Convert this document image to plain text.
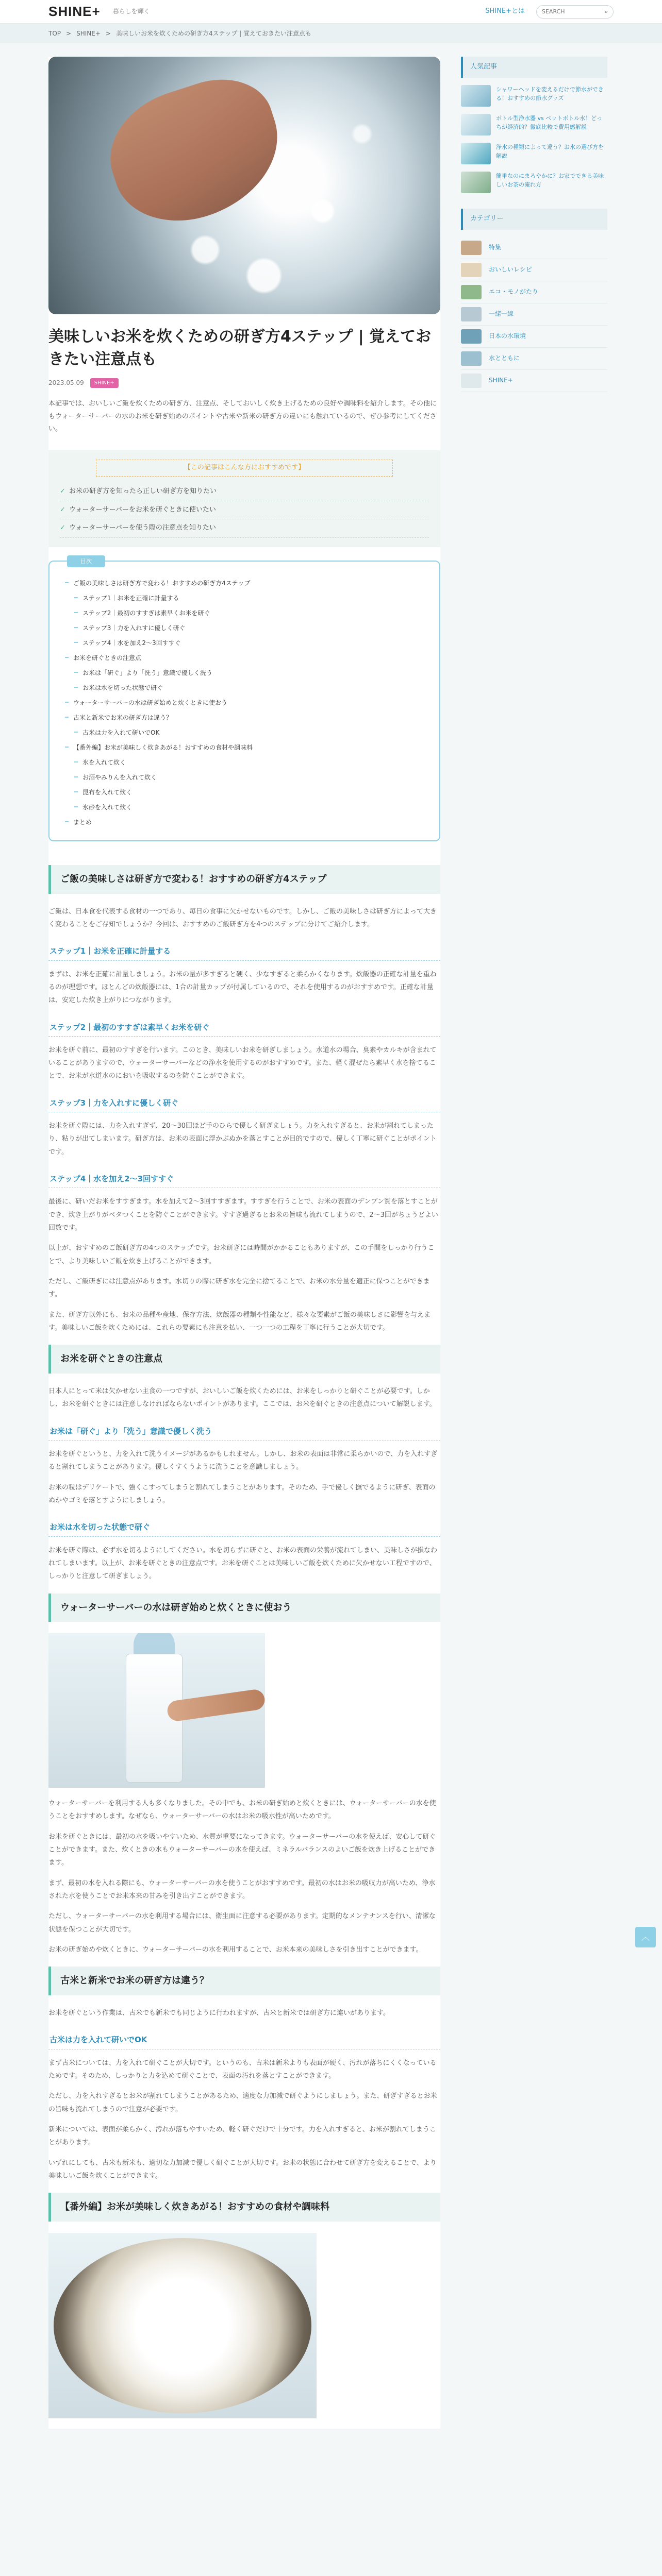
SHINE+ 暮らしを輝く	SHINE+とは
SEARCH	⌕
TOP > SHINE+ > 美味しいお米を炊くための研ぎ方4ステップ | 覚えておきたい注意点も
美味しいお米を炊くための研ぎ方4ステップ | 覚えておきたい注意点も
2023.05.09	SHINE+

本記事では、おいしいご飯を炊くための研ぎ方、注意点、そしておいしく炊き上げるための良好や調味料を紹介します。その他にもウォーターサーバーの水のお米を研ぎ始めのポイントや古米や新米の研ぎ方の違いにも触れているので、ぜひ参考にしてください。

【この記事はこんな方におすすめです】
✓ お米の研ぎ方を知ったら正しい研ぎ方を知りたい
✓ ウォーターサーバーをお米を研ぐときに使いたい
✓ ウォーターサーバーを使う際の注意点を知りたい
目次
ご飯の美味しさは研ぎ方で変わる！おすすめの研ぎ方4ステップ
ステップ1｜お米を正確に計量する
ステップ2｜最初のすすぎは素早くお米を研ぐ
ステップ3｜力を入れすに優しく研ぐ
ステップ4｜水を加え2〜3回すすぐ
お米を研ぐときの注意点
お米は「研ぐ」より「洗う」意識で優しく洗う
お米は水を切った状態で研ぐ
ウォーターサーバーの水は研ぎ始めと炊くときに使おう
古米と新米でお米の研ぎ方は違う？
古米は力を入れて研いでOK
【番外編】お米が美味しく炊きあがる！おすすめの食材や調味料
氷を入れて炊く
お酒やみりんを入れて炊く
昆布を入れて炊く
氷砂を入れて炊く
まとめ
ご飯の美味しさは研ぎ方で変わる！おすすめの研ぎ方4ステップ

ご飯は、日本食を代表する食材の一つであり、毎日の食事に欠かせないものです。しかし、ご飯の美味しさは研ぎ方によって大きく変わることをご存知でしょうか？今回は、おすすめのご飯研ぎ方を4つのステップに分けてご紹介します。

ステップ1｜お米を正確に計量する

まずは、お米を正確に計量しましょう。お米の量が多すぎると硬く、少なすぎると柔らかくなります。炊飯器の正確な計量を重ねるのが理想です。ほとんどの炊飯器には、1合の計量カップが付属しているので、それを使用するのがおすすめです。正確な計量は、安定した炊き上がりにつながります。

ステップ2｜最初のすすぎは素早くお米を研ぐ

お米を研ぐ前に、最初のすすぎを行います。このとき、美味しいお米を研ぎしましょう。水道水の場合、臭素やカルキが含まれていることがありますので、ウォーターサーバーなどの浄水を使用するのがおすすめです。また、軽く混ぜたら素早く水を捨てることで、お米が水道水のにおいを吸収するのを防ぐことができます。

ステップ3｜力を入れすに優しく研ぐ

お米を研ぐ際には、力を入れすぎず、20〜30回ほど手のひらで優しく研ぎましょう。力を入れすぎると、お米が割れてしまったり、粘りが出てしまいます。研ぎ方は、お米の表面に浮かぶぬかを落とすことが目的ですので、優しく丁寧に研ぐことがポイントです。

ステップ4｜水を加え2〜3回すすぐ

最後に、研いだお米をすすぎます。水を加えて2〜3回すすぎます。すすぎを行うことで、お米の表面のデンプン質を落とすことができ、炊き上がりがベタつくことを防ぐことができます。すすぎ過ぎるとお米の旨味も流れてしまうので、2〜3回がちょうどよい回数です。

以上が、おすすめのご飯研ぎ方の4つのステップです。お米研ぎには時間がかかることもありますが、この手間をしっかり行うことで、より美味しいご飯を炊き上げることができます。

ただし、ご飯研ぎには注意点があります。水切りの際に研ぎ水を完全に捨てることで、お米の水分量を適正に保つことができます。

また、研ぎ方以外にも、お米の品種や産地、保存方法、炊飯器の種類や性能など、様々な要素がご飯の美味しさに影響を与えます。美味しいご飯を炊くためには、これらの要素にも注意を払い、一つ一つの工程を丁寧に行うことが大切です。

お米を研ぐときの注意点

日本人にとって米は欠かせない主食の一つですが、おいしいご飯を炊くためには、お米をしっかりと研ぐことが必要です。しかし、お米を研ぐときには注意しなければならないポイントがあります。ここでは、お米を研ぐときの注意点について解説します。

お米は「研ぐ」より「洗う」意識で優しく洗う

お米を研ぐというと、力を入れて洗うイメージがあるかもしれません。しかし、お米の表面は非常に柔らかいので、力を入れすぎると割れてしまうことがあります。優しくすくうように洗うことを意識しましょう。

お米の粒はデリケートで、強くこすってしまうと割れてしまうことがあります。そのため、手で優しく撫でるように研ぎ、表面のぬかやゴミを落とすようにしましょう。

お米は水を切った状態で研ぐ

お米を研ぐ際は、必ず水を切るようにしてください。水を切らずに研ぐと、お米の表面の栄養が流れてしまい、美味しさが損なわれてしまいます。以上が、お米を研ぐときの注意点です。お米を研ぐことは美味しいご飯を炊くために欠かせない工程ですので、しっかりと注意して研ぎましょう。

ウォーターサーバーの水は研ぎ始めと炊くときに使おう

ウォーターサーバーを利用する人も多くなりました。その中でも、お米の研ぎ始めと炊くときには、ウォーターサーバーの水を使うことをおすすめします。なぜなら、ウォーターサーバーの水はお米の吸水性が高いためです。

お米を研ぐときには、最初の水を吸いやすいため、水質が重要になってきます。ウォーターサーバーの水を使えば、安心して研ぐことができます。また、炊くときの水もウォーターサーバーの水を使えば、ミネラルバランスのよいご飯を炊き上げることができます。

まず、最初の水を入れる際にも、ウォーターサーバーの水を使うことがおすすめです。最初の水はお米の吸収力が高いため、浄水された水を使うことでお米本来の甘みを引き出すことができます。

ただし、ウォーターサーバーの水を利用する場合には、衛生面に注意する必要があります。定期的なメンテナンスを行い、清潔な状態を保つことが大切です。

お米の研ぎ始めや炊くときに、ウォーターサーバーの水を利用することで、お米本来の美味しさを引き出すことができます。

古米と新米でお米の研ぎ方は違う？

お米を研ぐという作業は、古米でも新米でも同じように行われますが、古米と新米では研ぎ方に違いがあります。

古米は力を入れて研いでOK

まず古米については、力を入れて研ぐことが大切です。というのも、古米は新米よりも表面が硬く、汚れが落ちにくくなっているためです。そのため、しっかりと力を込めて研ぐことで、表面の汚れを落とすことができます。

ただし、力を入れすぎるとお米が割れてしまうことがあるため、適度な力加減で研ぐようにしましょう。また、研ぎすぎるとお米の旨味も流れてしまうので注意が必要です。

新米については、表面が柔らかく、汚れが落ちやすいため、軽く研ぐだけで十分です。力を入れすぎると、お米が割れてしまうことがあります。

いずれにしても、古米も新米も、適切な力加減で優しく研ぐことが大切です。お米の状態に合わせて研ぎ方を変えることで、より美味しいご飯を炊くことができます。

【番外編】お米が美味しく炊きあがる！おすすめの食材や調味料
人気記事
シャワーヘッドを変えるだけで節水ができる！おすすめの節水グッズ
ボトル型浄水器 vs ペットボトル水！どっちが経済的？徹底比較で費用感解説
浄水の種類によって違う？お水の選び方を解説
簡単なのにまろやかに？お家でできる美味しいお茶の淹れ方
カテゴリー
特集
おいしいレシピ
エコ・モノがたり
一緒一線
日本の水環境
水とともに
SHINE+
︿
